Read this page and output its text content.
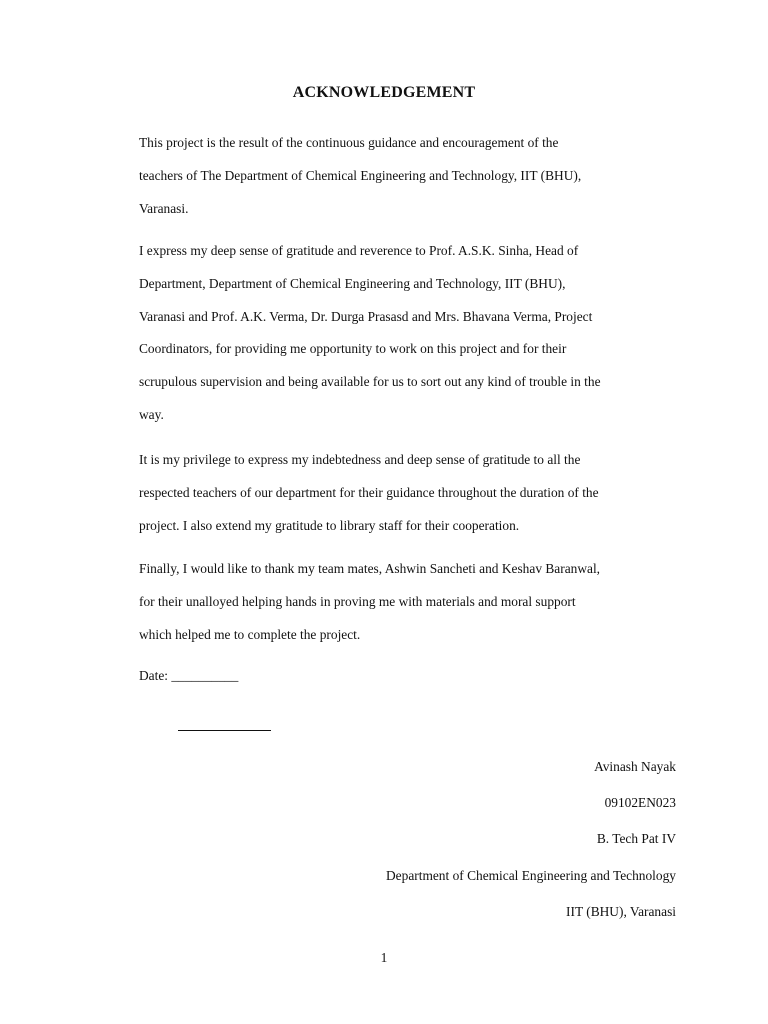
ACKNOWLEDGEMENT
This project is the result of the continuous guidance and encouragement of the
teachers of The Department of Chemical Engineering and Technology, IIT (BHU),
Varanasi.
I express my deep sense of gratitude and reverence to Prof. A.S.K. Sinha, Head of
Department, Department of Chemical Engineering and Technology, IIT (BHU),
Varanasi and Prof. A.K. Verma, Dr. Durga Prasasd and Mrs. Bhavana Verma, Project
Coordinators, for providing me opportunity to work on this project and for their
scrupulous supervision and being available for us to sort out any kind of trouble in the
way.
It is my privilege to express my indebtedness and deep sense of gratitude to all the
respected teachers of our department for their guidance throughout the duration of the
project. I also extend my gratitude to library staff for their cooperation.
Finally, I would like to thank my team mates, Ashwin Sancheti and Keshav Baranwal,
for their unalloyed helping hands in proving me with materials and moral support
which helped me to complete the project.
Date: __________
Avinash Nayak
09102EN023
B. Tech Pat IV
Department of Chemical Engineering and Technology
IIT (BHU), Varanasi
1
